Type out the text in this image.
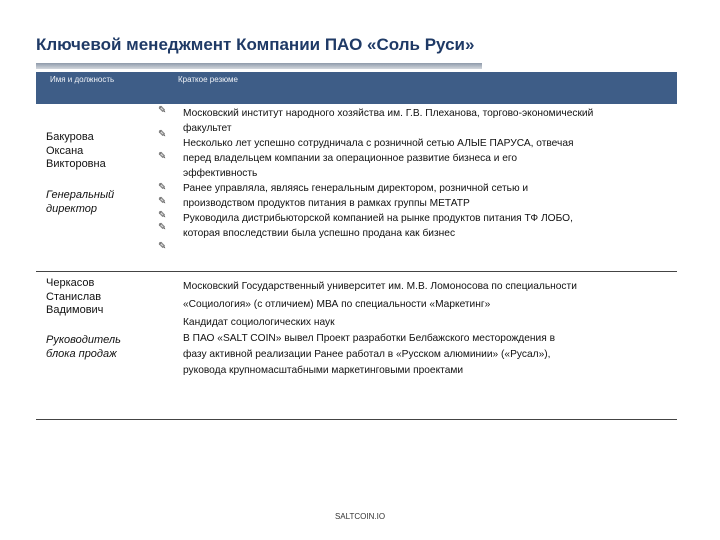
Ключевой менеджмент Компании ПАО «Соль Руси»
Имя и должность	Краткое резюме
Бакурова
Оксана
Викторовна
Генеральный
директор
✎
✎
✎
✎
✎
✎
✎
✎
Московский институт народного хозяйства им. Г.В. Плеханова, торгово-экономический
факультет
Несколько лет успешно сотрудничала с розничной сетью АЛЫЕ ПАРУСА, отвечая
перед владельцем компании за операционное развитие бизнеса и его
эффективность
Ранее управляла, являясь генеральным директором, розничной сетью и
производством продуктов питания в рамках группы МЕТАТР
Руководила дистрибьюторской компанией на рынке продуктов питания ТФ ЛОБО,
которая впоследствии была успешно продана как бизнес
Черкасов
Станислав
Вадимович
Руководитель
блока продаж
Московский Государственный университет им. М.В. Ломоносова по специальности
«Социология» (с отличием) МВА по специальности «Маркетинг»
Кандидат социологических наук
В ПАО «SALT COIN» вывел Проект разработки Белбажского месторождения в
фазу активной реализации Ранее работал в «Русском алюминии» («Русал»),
руковода крупномасштабными маркетинговыми проектами
SALTCOIN.IO
